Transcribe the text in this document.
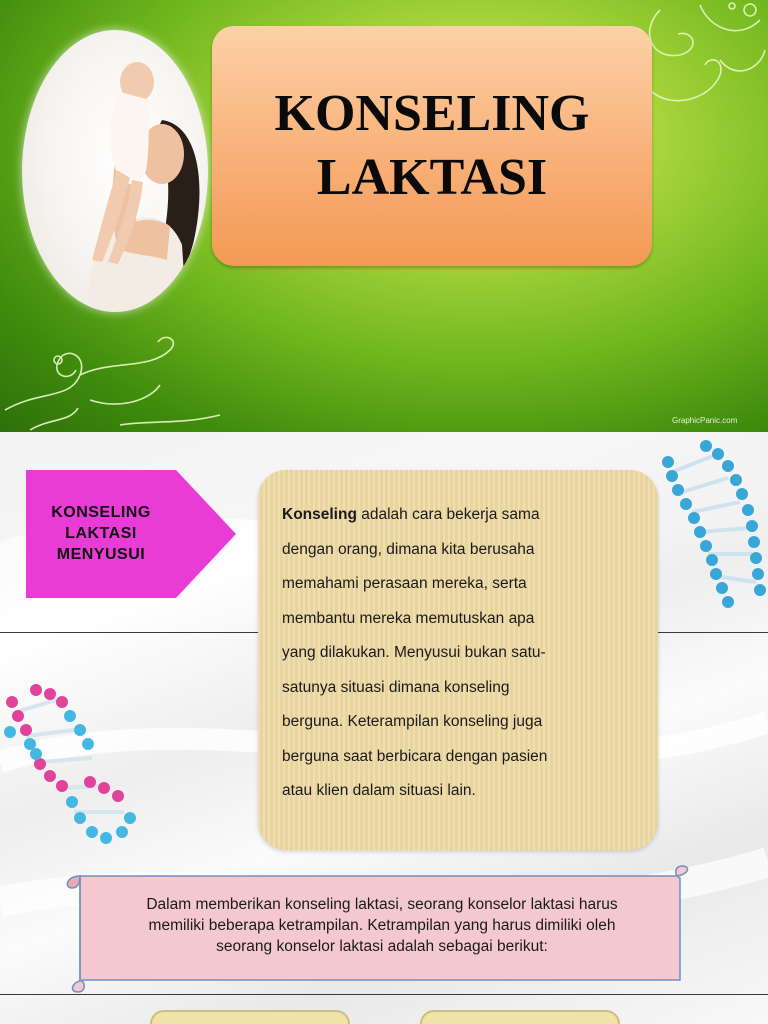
KONSELING
LAKTASI
GraphicPanic.com
KONSELING
LAKTASI
MENYUSUI
Konseling adalah cara bekerja sama
dengan orang, dimana kita berusaha
memahami perasaan mereka, serta
membantu mereka memutuskan apa
yang dilakukan. Menyusui bukan satu-
satunya situasi dimana konseling
berguna. Keterampilan konseling juga
berguna saat berbicara dengan pasien
atau klien dalam situasi lain.
Dalam memberikan konseling laktasi, seorang konselor laktasi harus
memiliki beberapa ketrampilan. Ketrampilan yang harus dimiliki oleh
seorang konselor laktasi adalah sebagai berikut:
